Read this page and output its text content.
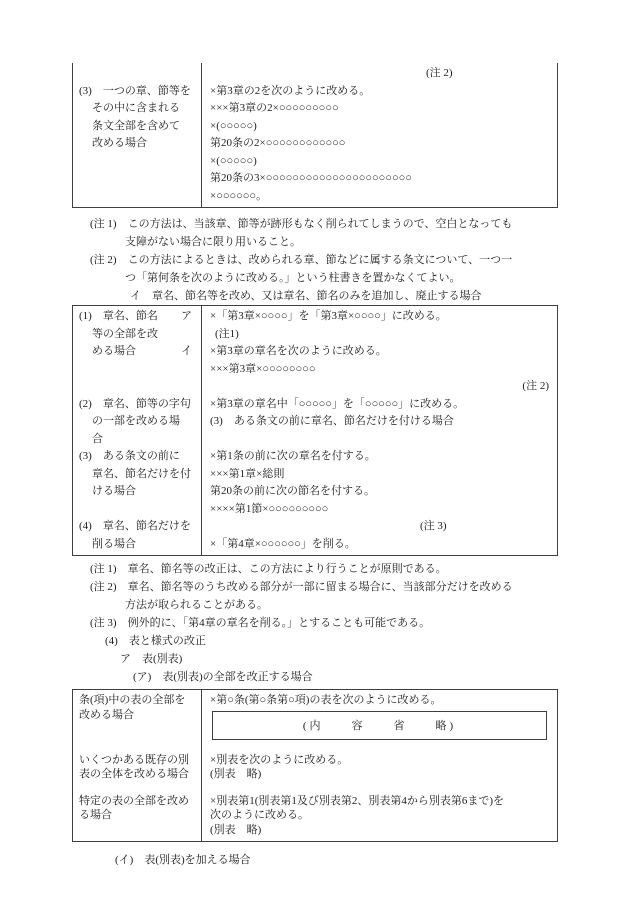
(3)　一つの章、節等を
その中に含まれる
条文全部を含めて
改める場合

(注 2)
×第3章の2を次のように改める。
×××第3章の2×○○○○○○○○○
×(○○○○○)
第20条の2×○○○○○○○○○○○○
×(○○○○○)
第20条の3×○○○○○○○○○○○○○○○○○○○○○○
×○○○○○○。
(注 1)　この方法は、当該章、節等が跡形もなく削られてしまうので、空白となっても
支障がない場合に限り用いること。
(注 2)　この方法によるときは、改められる章、節などに属する条文について、一つ一
つ「第何条を次のように改める。」という柱書きを置かなくてよい。
イ　章名、節名等を改め、又は章名、節名のみを追加し、廃止する場合
ア
(1)　章名、節名
等の全部を改
イ
める場合

(2)　章名、節等の字句
の一部を改める場
合
(3)　ある条文の前に
章名、節名だけを付
ける場合

(4)　章名、節名だけを
削る場合
×「第3章×○○○○」を「第3章×○○○○」に改める。
(注1)
×第3章の章名を次のように改める。
×××第3章×○○○○○○○○
(注 2)
×第3章の章名中「○○○○○」を「○○○○○」に改める。
(3)　ある条文の前に章名、節名だけを付ける場合

×第1条の前に次の章名を付する。
×××第1章×総則
第20条の前に次の節名を付する。
××××第1節×○○○○○○○○○
(注 3)
×「第4章×○○○○○○」を削る。
(注 1)　章名、節名等の改正は、この方法により行うことが原則である。
(注 2)　章名、節名等のうち改める部分が一部に留まる場合に、当該部分だけを改める
方法が取られることがある。
(注 3)　例外的に、「第4章の章名を削る。」とすることも可能である。
(4)　表と様式の改正
ア　表(別表)
(ア)　表(別表)の全部を改正する場合
条(項)中の表の全部を
改める場合
×第○条(第○条第○項)の表を次のように改める。
(内　　容　　省　　略)
いくつかある既存の別
表の全体を改める場合
×別表を次のように改める。
(別表　略)
特定の表の全部を改め
る場合
×別表第1(別表第1及び別表第2、別表第4から別表第6まで)を
次のように改める。
(別表　略)
(イ)　表(別表)を加える場合
